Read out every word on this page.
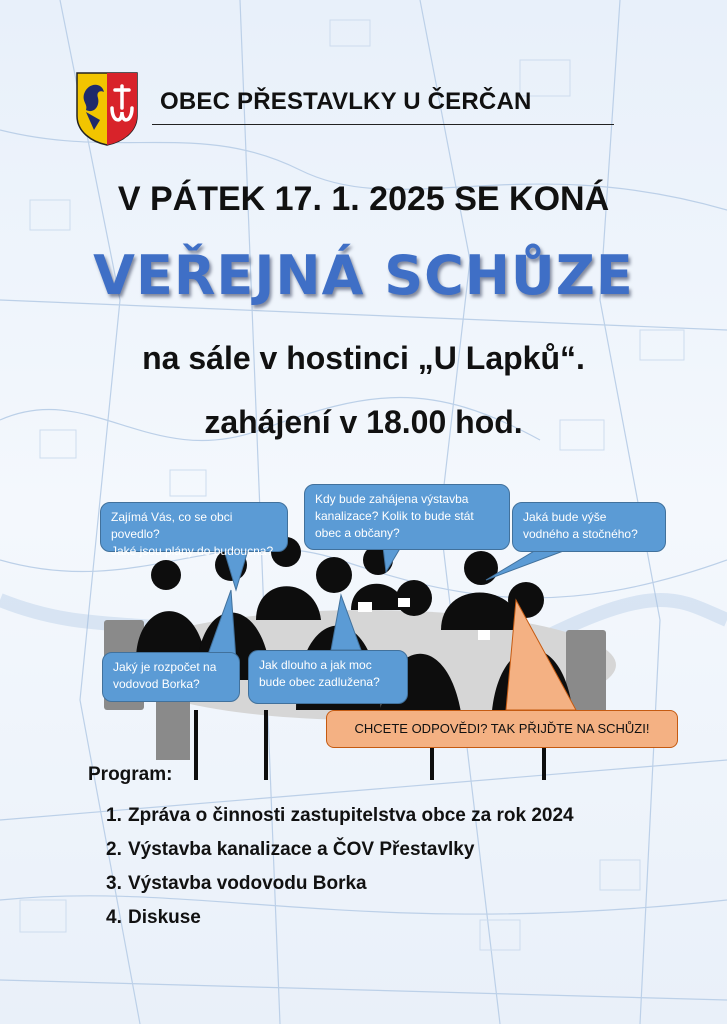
OBEC PŘESTAVLKY U ČERČAN
V PÁTEK 17. 1. 2025 SE KONÁ
VEŘEJNÁ SCHŮZE
na sále v hostinci „U Lapků“.
zahájení v 18.00 hod.
Zajímá Vás, co se obci povedlo?
Jaké jsou plány do budoucna?
Kdy bude zahájena výstavba
kanalizace? Kolik to bude stát
obec a občany?
Jaká bude výše
vodného a stočného?
Jaký je rozpočet na
vodovod Borka?
Jak dlouho a jak moc
bude obec zadlužena?
CHCETE ODPOVĚDI? TAK PŘIJĎTE NA SCHŮZI!
Program:
1. Zpráva o činnosti zastupitelstva obce za rok 2024
2. Výstavba kanalizace a ČOV Přestavlky
3. Výstavba vodovodu Borka
4. Diskuse
